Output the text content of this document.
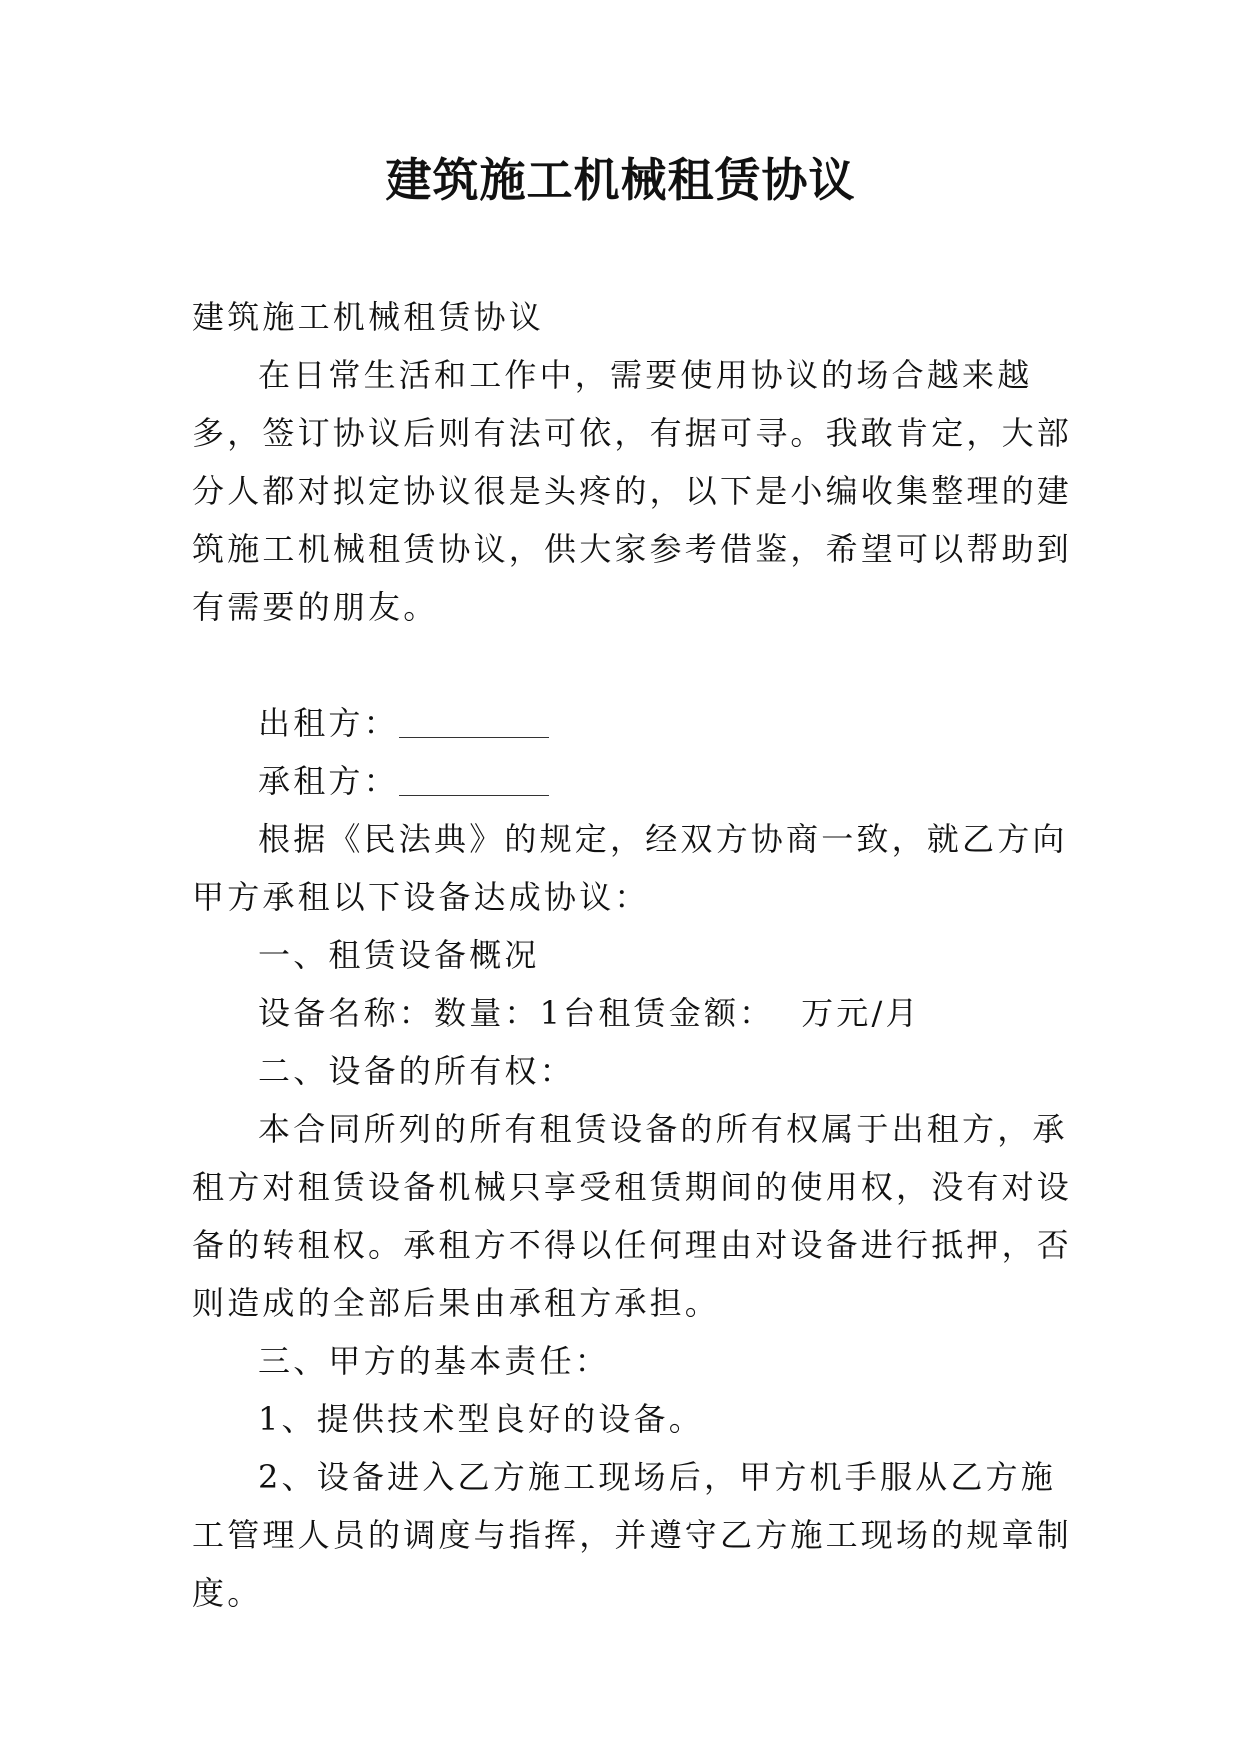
建筑施工机械租赁协议

建筑施工机械租赁协议

在日常生活和工作中，需要使用协议的场合越来越多，签订协议后则有法可依，有据可寻。我敢肯定，大部分人都对拟定协议很是头疼的，以下是小编收集整理的建筑施工机械租赁协议，供大家参考借鉴，希望可以帮助到有需要的朋友。

出租方：

承租方：

根据《民法典》的规定，经双方协商一致，就乙方向甲方承租以下设备达成协议：

一、租赁设备概况

设备名称：数量：1台租赁金额：  万元/月

二、设备的所有权：

本合同所列的所有租赁设备的所有权属于出租方，承租方对租赁设备机械只享受租赁期间的使用权，没有对设备的转租权。承租方不得以任何理由对设备进行抵押，否则造成的全部后果由承租方承担。

三、甲方的基本责任：

1、提供技术型良好的设备。

2、设备进入乙方施工现场后，甲方机手服从乙方施工管理人员的调度与指挥，并遵守乙方施工现场的规章制度。
